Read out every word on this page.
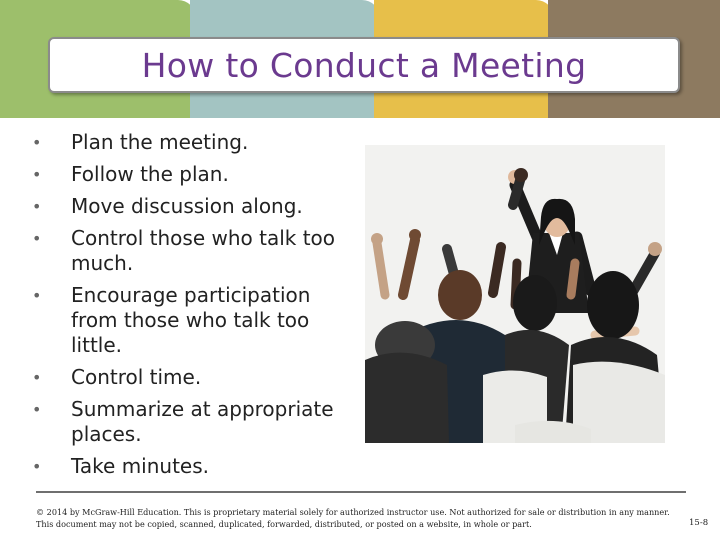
How to Conduct a Meeting
• Plan the meeting.
• Follow the plan.
• Move discussion along.
• Control those who talk too much.
• Encourage participation from those who talk too little.
• Control time.
• Summarize at appropriate places.
• Take minutes.
© 2014 by McGraw-Hill Education. This is proprietary material solely for authorized instructor use. Not authorized for sale or distribution in any manner.
This document may not be copied, scanned, duplicated, forwarded, distributed, or posted on a website, in whole or part.	15-8
